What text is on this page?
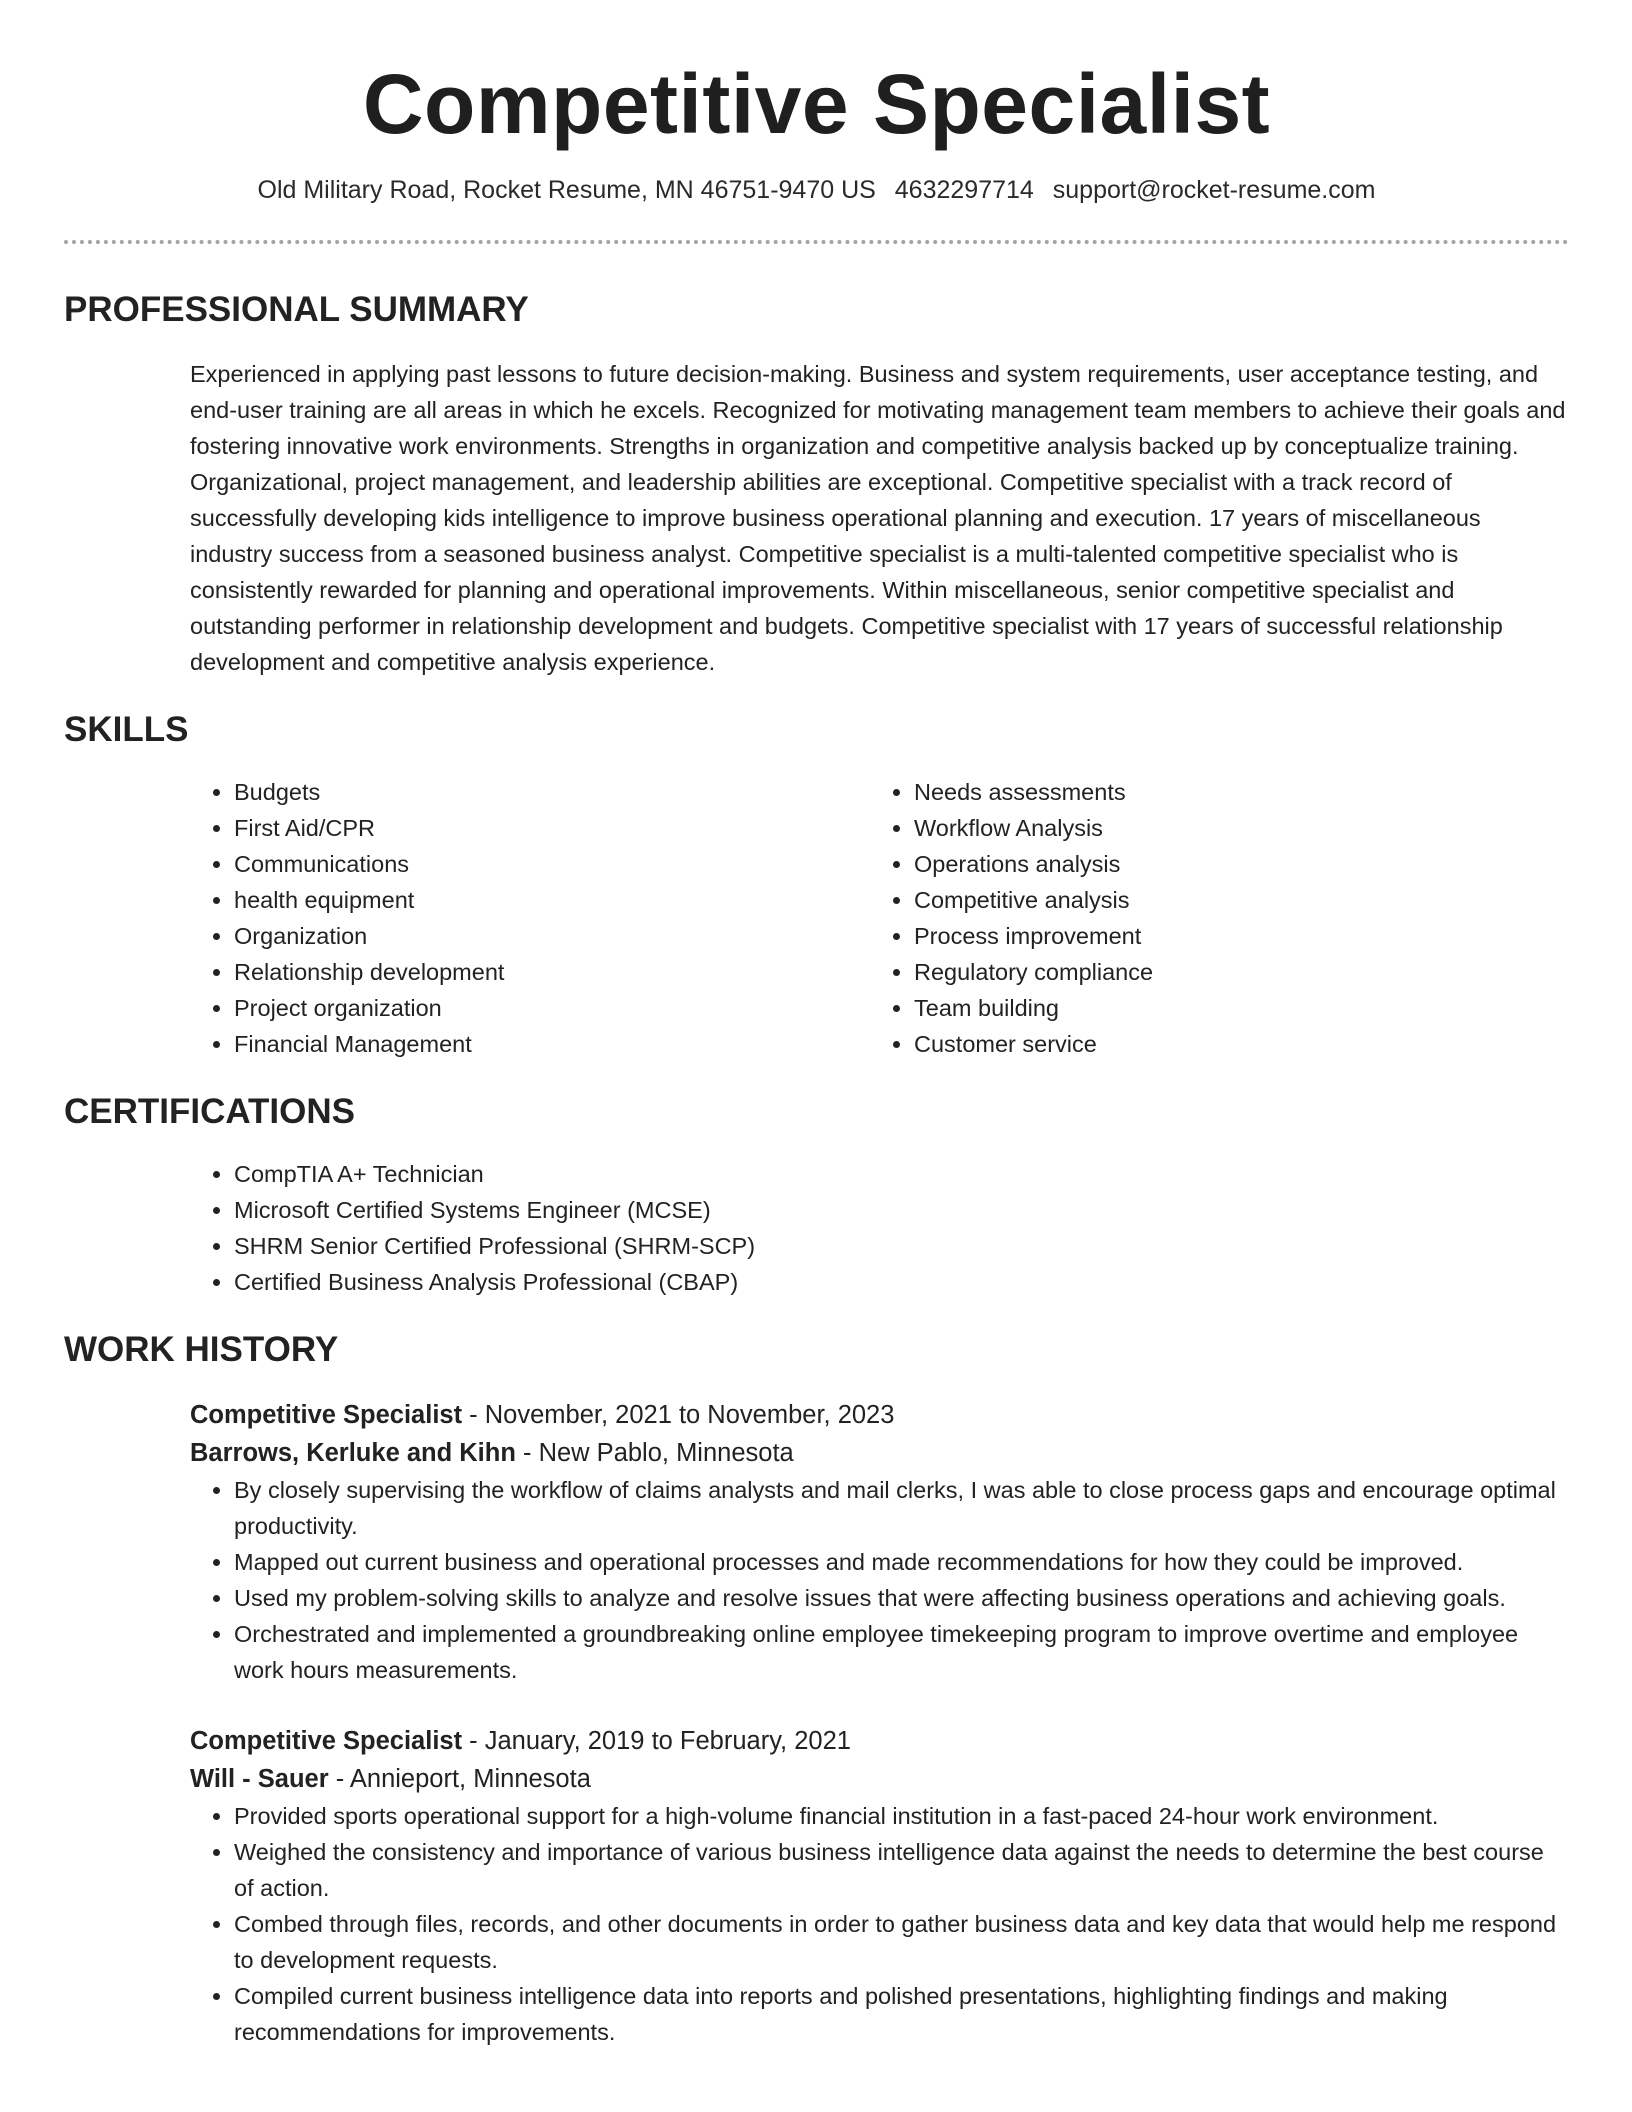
Competitive Specialist
Old Military Road, Rocket Resume, MN 46751-9470 US 4632297714 support@rocket-resume.com
PROFESSIONAL SUMMARY
Experienced in applying past lessons to future decision-making. Business and system requirements, user acceptance testing, and end-user training are all areas in which he excels. Recognized for motivating management team members to achieve their goals and fostering innovative work environments. Strengths in organization and competitive analysis backed up by conceptualize training. Organizational, project management, and leadership abilities are exceptional. Competitive specialist with a track record of successfully developing kids intelligence to improve business operational planning and execution. 17 years of miscellaneous industry success from a seasoned business analyst. Competitive specialist is a multi-talented competitive specialist who is consistently rewarded for planning and operational improvements. Within miscellaneous, senior competitive specialist and outstanding performer in relationship development and budgets. Competitive specialist with 17 years of successful relationship development and competitive analysis experience.
SKILLS
• Budgets
• First Aid/CPR
• Communications
• health equipment
• Organization
• Relationship development
• Project organization
• Financial Management
• Needs assessments
• Workflow Analysis
• Operations analysis
• Competitive analysis
• Process improvement
• Regulatory compliance
• Team building
• Customer service
CERTIFICATIONS
• CompTIA A+ Technician
• Microsoft Certified Systems Engineer (MCSE)
• SHRM Senior Certified Professional (SHRM-SCP)
• Certified Business Analysis Professional (CBAP)
WORK HISTORY
Competitive Specialist - November, 2021 to November, 2023
Barrows, Kerluke and Kihn - New Pablo, Minnesota
• By closely supervising the workflow of claims analysts and mail clerks, I was able to close process gaps and encourage optimal productivity.
• Mapped out current business and operational processes and made recommendations for how they could be improved.
• Used my problem-solving skills to analyze and resolve issues that were affecting business operations and achieving goals.
• Orchestrated and implemented a groundbreaking online employee timekeeping program to improve overtime and employee work hours measurements.
Competitive Specialist - January, 2019 to February, 2021
Will - Sauer - Annieport, Minnesota
• Provided sports operational support for a high-volume financial institution in a fast-paced 24-hour work environment.
• Weighed the consistency and importance of various business intelligence data against the needs to determine the best course of action.
• Combed through files, records, and other documents in order to gather business data and key data that would help me respond to development requests.
• Compiled current business intelligence data into reports and polished presentations, highlighting findings and making recommendations for improvements.
